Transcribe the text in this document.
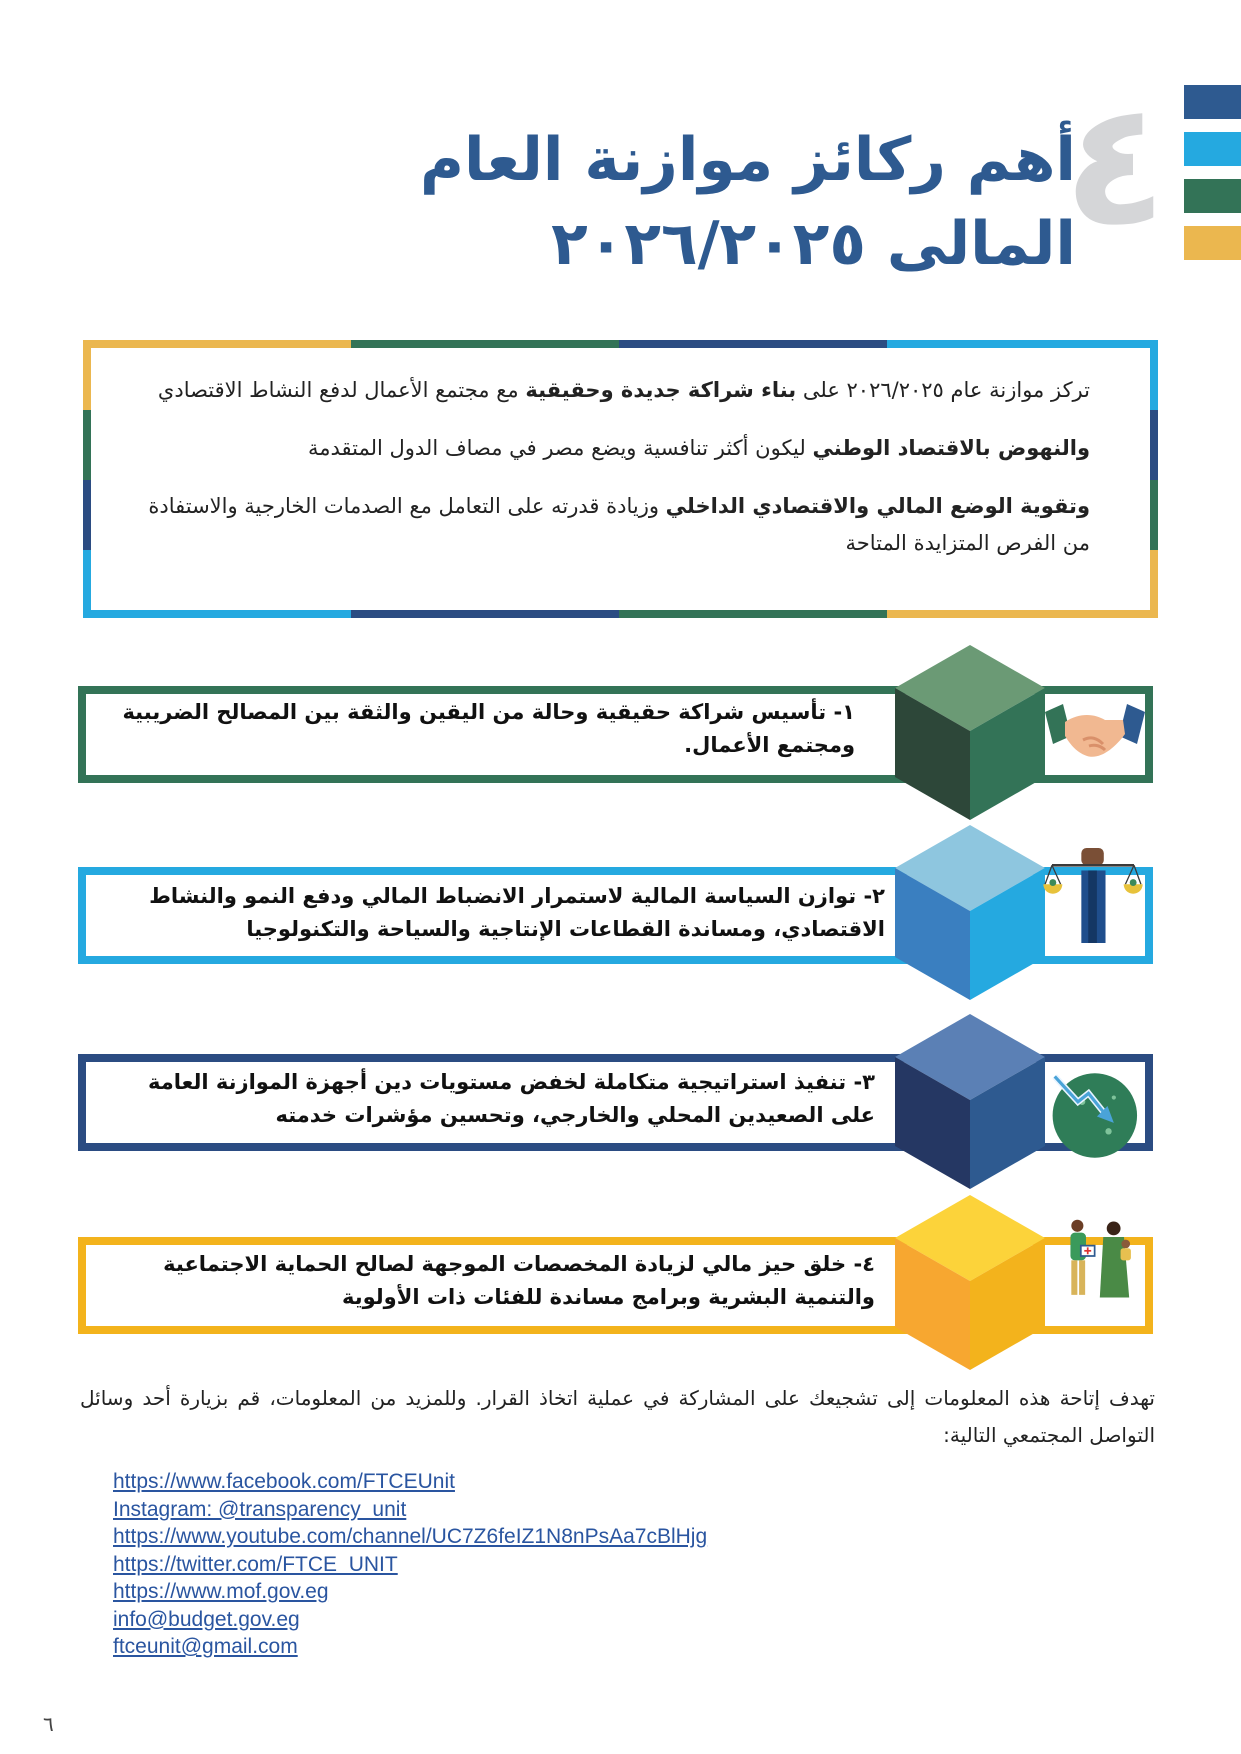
٤
أهم ركائز موازنة العام
المالى ٢٠٢٦/٢٠٢٥

تركز موازنة عام ٢٠٢٦/٢٠٢٥ على بناء شراكة جديدة وحقيقية مع مجتمع الأعمال لدفع النشاط الاقتصادي

والنهوض بالاقتصاد الوطني ليكون أكثر تنافسية ويضع مصر في مصاف الدول المتقدمة

وتقوية الوضع المالي والاقتصادي الداخلي وزيادة قدرته على التعامل مع الصدمات الخارجية والاستفادة من الفرص المتزايدة المتاحة

١- تأسيس شراكة حقيقية وحالة من اليقين والثقة بين المصالح الضريبية ومجتمع الأعمال.
٢- توازن السياسة المالية لاستمرار الانضباط المالي ودفع النمو والنشاط الاقتصادي، ومساندة القطاعات الإنتاجية والسياحة والتكنولوجيا
٣- تنفيذ استراتيجية متكاملة لخفض مستويات دين أجهزة الموازنة العامة على الصعيدين المحلي والخارجي، وتحسين مؤشرات خدمته
٤- خلق حيز مالي لزيادة المخصصات الموجهة لصالح الحماية الاجتماعية والتنمية البشرية وبرامج مساندة للفئات ذات الأولوية
تهدف إتاحة هذه المعلومات إلى تشجيعك على المشاركة في عملية اتخاذ القرار. وللمزيد من المعلومات، قم بزيارة أحد وسائل التواصل المجتمعي التالية:
https://www.facebook.com/FTCEUnit
Instagram: @transparency_unit
https://www.youtube.com/channel/UC7Z6feIZ1N8nPsAa7cBlHjg
https://twitter.com/FTCE_UNIT
https://www.mof.gov.eg
info@budget.gov.eg
ftceunit@gmail.com
٦
